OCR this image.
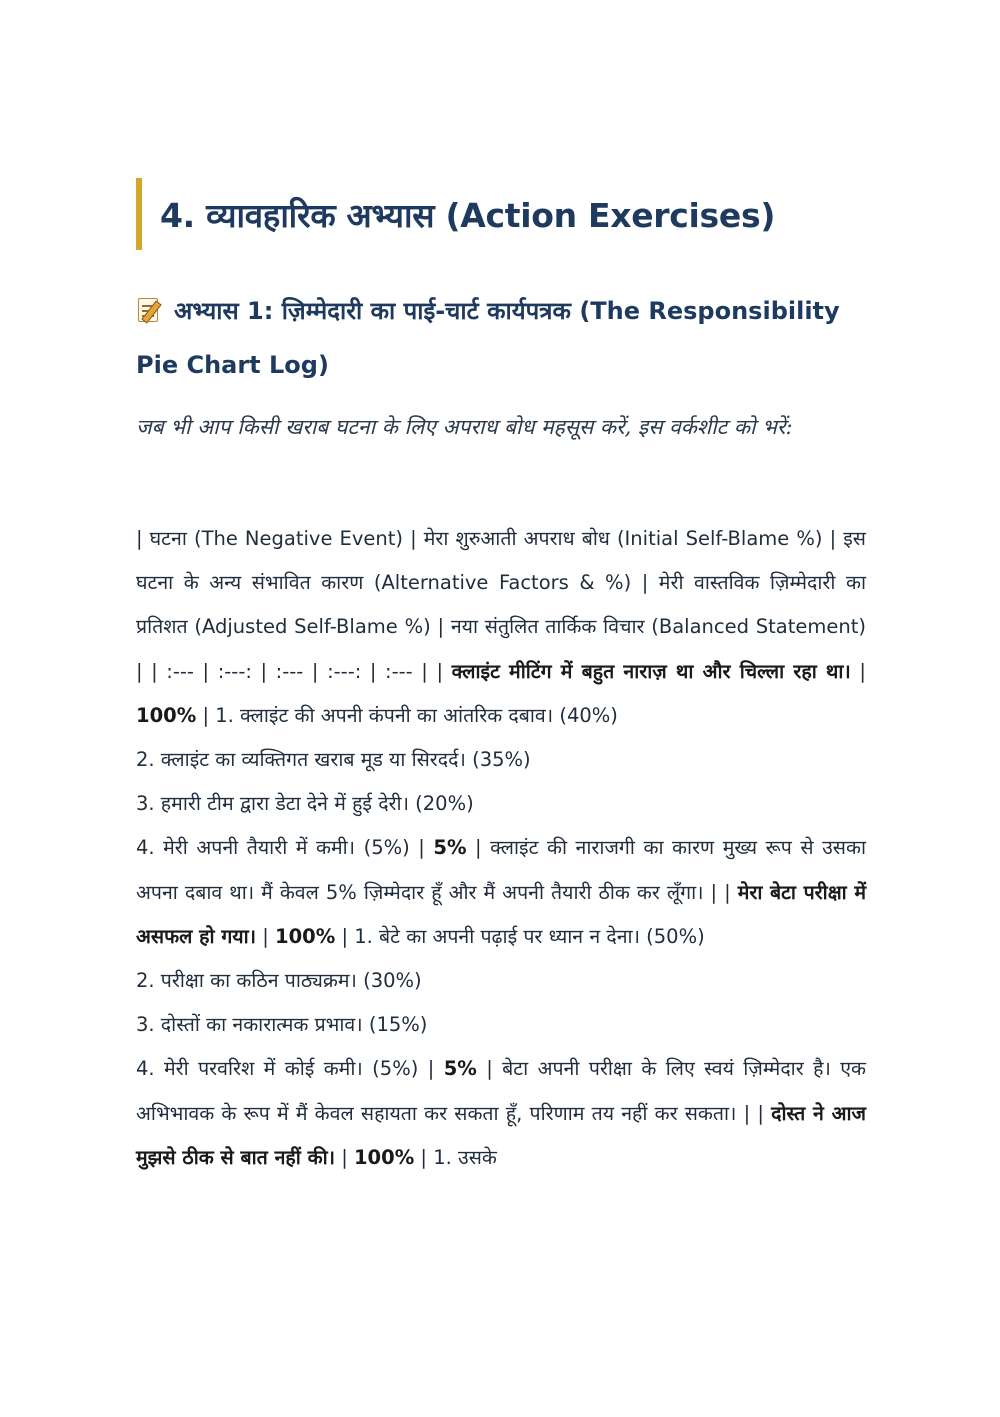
4. व्यावहारिक अभ्यास (Action Exercises)
अभ्यास 1: ज़िम्मेदारी का पाई-चार्ट कार्यपत्रक (The Responsibility Pie Chart Log)
जब भी आप किसी खराब घटना के लिए अपराध बोध महसूस करें, इस वर्कशीट को भरें:

| घटना (The Negative Event) | मेरा शुरुआती अपराध बोध (Initial Self-Blame %) | इस घटना के अन्य संभावित कारण (Alternative Factors & %) | मेरी वास्तविक ज़िम्मेदारी का प्रतिशत (Adjusted Self-Blame %) | नया संतुलित तार्किक विचार (Balanced Statement) | | :--- | :---: | :--- | :---: | :--- | | क्लाइंट मीटिंग में बहुत नाराज़ था और चिल्ला रहा था। | 100% | 1. क्लाइंट की अपनी कंपनी का आंतरिक दबाव। (40%)

2. क्लाइंट का व्यक्तिगत खराब मूड या सिरदर्द। (35%)

3. हमारी टीम द्वारा डेटा देने में हुई देरी। (20%)

4. मेरी अपनी तैयारी में कमी। (5%) | 5% | क्लाइंट की नाराजगी का कारण मुख्य रूप से उसका अपना दबाव था। मैं केवल 5% ज़िम्मेदार हूँ और मैं अपनी तैयारी ठीक कर लूँगा। | | मेरा बेटा परीक्षा में असफल हो गया। | 100% | 1. बेटे का अपनी पढ़ाई पर ध्यान न देना। (50%)

2. परीक्षा का कठिन पाठ्यक्रम। (30%)

3. दोस्तों का नकारात्मक प्रभाव। (15%)

4. मेरी परवरिश में कोई कमी। (5%) | 5% | बेटा अपनी परीक्षा के लिए स्वयं ज़िम्मेदार है। एक अभिभावक के रूप में मैं केवल सहायता कर सकता हूँ, परिणाम तय नहीं कर सकता। | | दोस्त ने आज मुझसे ठीक से बात नहीं की। | 100% | 1. उसके
